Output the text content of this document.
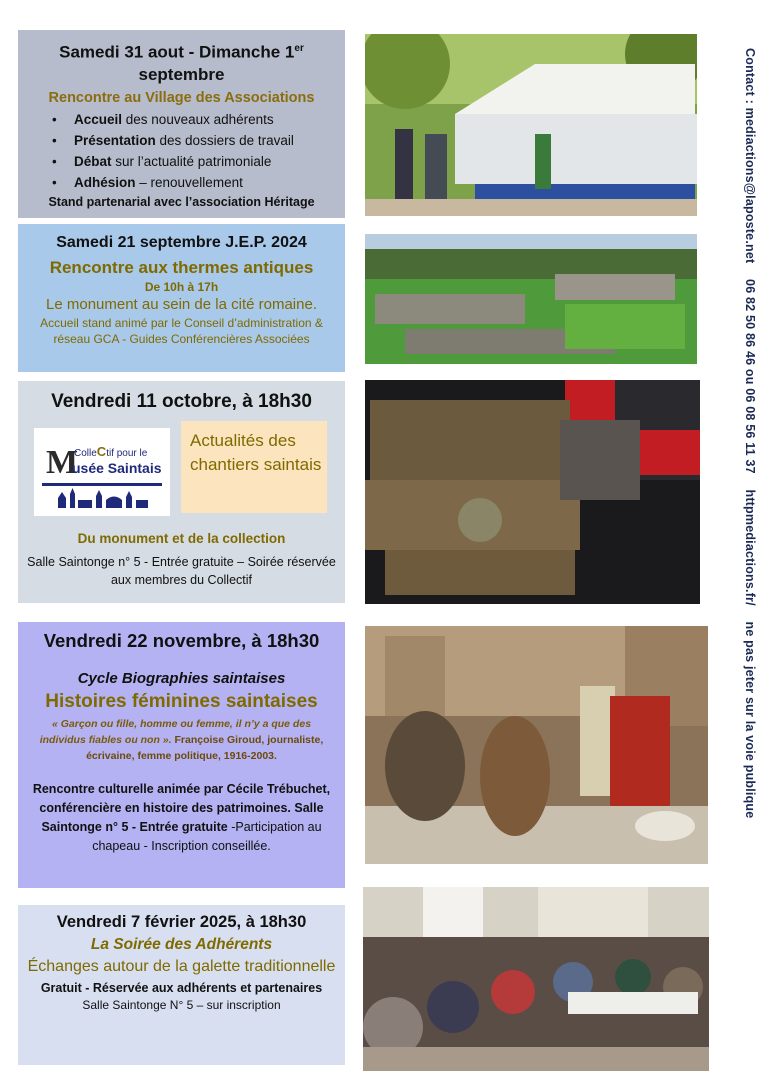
Samedi 31 aout - Dimanche 1er
septembre
Rencontre au Village des Associations
• Accueil des nouveaux adhérents
• Présentation des dossiers de travail
• Débat sur l’actualité patrimoniale
• Adhésion – renouvellement
Stand partenarial avec l’association Héritage
Samedi 21 septembre J.E.P. 2024
Rencontre aux thermes antiques
De 10h à 17h
Le monument au sein de la cité romaine.
Accueil stand animé par le Conseil d’administration & réseau GCA - Guides Conférencières Associées
Vendredi 11 octobre, à 18h30
M
ColleCtif pour le
usée Saintais
Actualités des chantiers saintais
Du monument et de la collection
Salle Saintonge n° 5 - Entrée gratuite – Soirée réservée aux membres du Collectif
Vendredi 22 novembre, à 18h30
Cycle Biographies saintaises
Histoires féminines saintaises
« Garçon ou fille, homme ou femme, il n’y a que des individus fiables ou non ». Françoise Giroud, journaliste, écrivaine, femme politique, 1916-2003.
Rencontre culturelle animée par Cécile Trébuchet, conférencière en histoire des patrimoines. Salle Saintonge n° 5 - Entrée gratuite -Participation au chapeau - Inscription conseillée.
Vendredi 7 février 2025, à 18h30
La Soirée des Adhérents
Échanges autour de la galette traditionnelle
Gratuit - Réservée aux adhérents et partenaires
Salle Saintonge N° 5 – sur inscription
Contact : mediactions@laposte.net 06 82 50 86 46 ou 06 08 56 11 37 httpmediactions.fr/ ne pas jeter sur la voie publique
